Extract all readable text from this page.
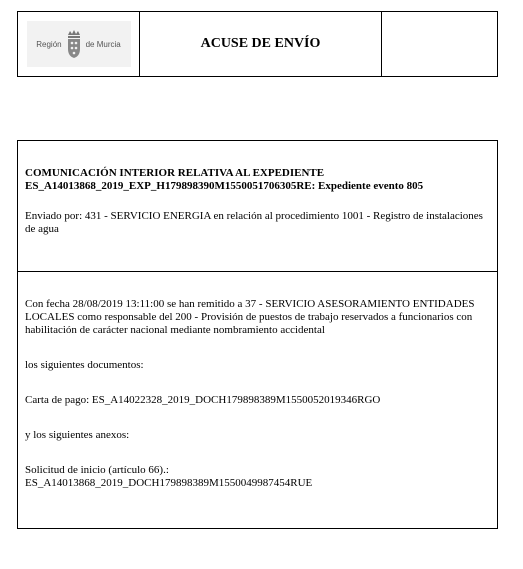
Región	de Murcia	ACUSE DE ENVÍO

COMUNICACIÓN INTERIOR RELATIVA AL EXPEDIENTE

ES_A14013868_2019_EXP_H179898390M1550051706305RE: Expediente evento 805

Enviado por: 431 - SERVICIO ENERGIA en relación al procedimiento 1001 - Registro de instalaciones de agua

Con fecha 28/08/2019 13:11:00 se han remitido a 37 - SERVICIO ASESORAMIENTO ENTIDADES LOCALES como responsable del 200 - Provisión de puestos de trabajo reservados a funcionarios con habilitación de carácter nacional mediante nombramiento accidental

los siguientes documentos:

Carta de pago: ES_A14022328_2019_DOCH179898389M1550052019346RGO

y los siguientes anexos:

Solicitud de inicio (artículo 66).:

ES_A14013868_2019_DOCH179898389M1550049987454RUE
